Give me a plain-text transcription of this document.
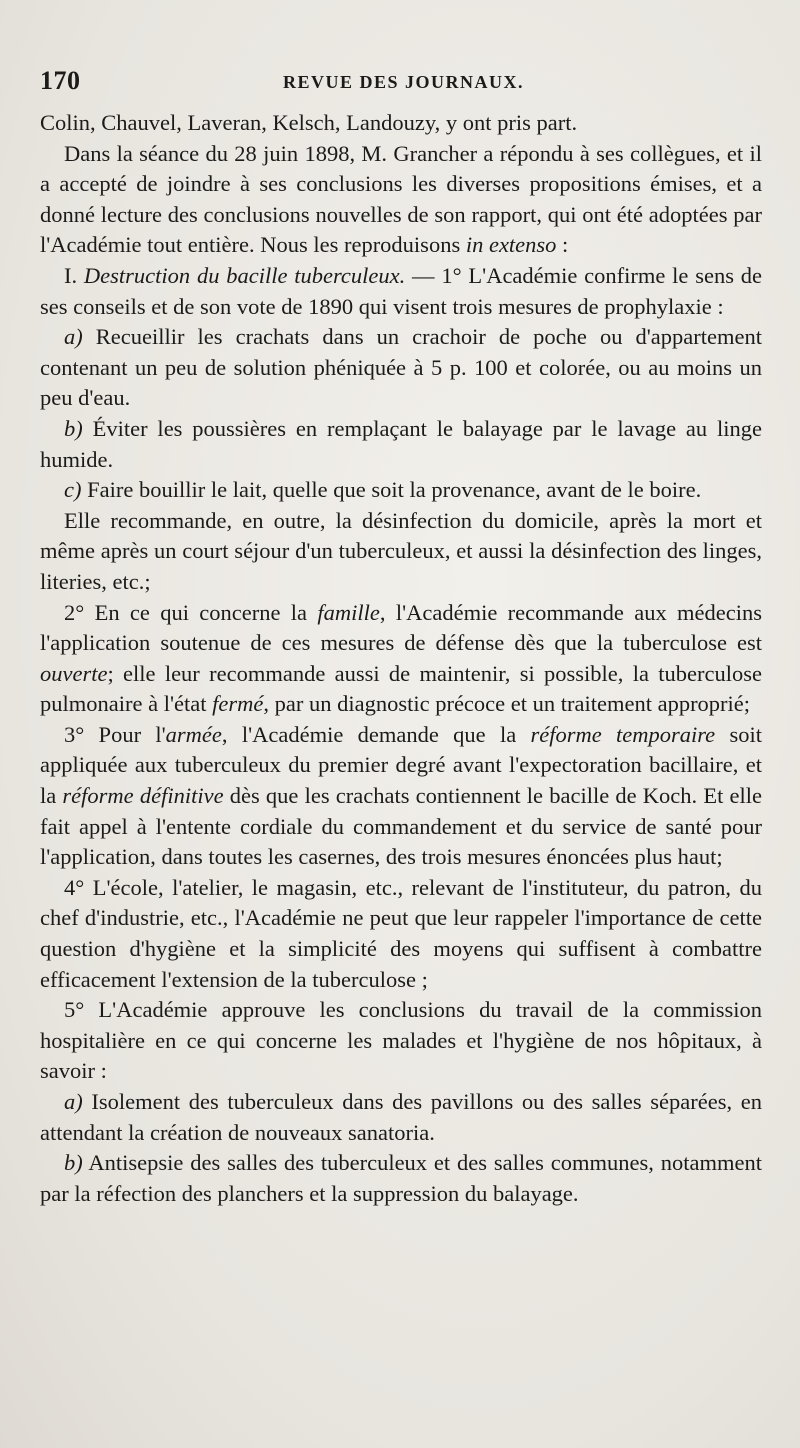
170	REVUE DES JOURNAUX.

Colin, Chauvel, Laveran, Kelsch, Landouzy, y ont pris part.

Dans la séance du 28 juin 1898, M. Grancher a répondu à ses collègues, et il a accepté de joindre à ses conclusions les diverses propositions émises, et a donné lecture des conclusions nouvelles de son rapport, qui ont été adoptées par l'Académie tout entière. Nous les reproduisons in extenso :

I. Destruction du bacille tuberculeux. — 1° L'Académie confirme le sens de ses conseils et de son vote de 1890 qui visent trois mesures de prophylaxie :

a) Recueillir les crachats dans un crachoir de poche ou d'appartement contenant un peu de solution phéniquée à 5 p. 100 et colorée, ou au moins un peu d'eau.

b) Éviter les poussières en remplaçant le balayage par le lavage au linge humide.

c) Faire bouillir le lait, quelle que soit la provenance, avant de le boire.

Elle recommande, en outre, la désinfection du domicile, après la mort et même après un court séjour d'un tuberculeux, et aussi la désinfection des linges, literies, etc.;

2° En ce qui concerne la famille, l'Académie recommande aux médecins l'application soutenue de ces mesures de défense dès que la tuberculose est ouverte; elle leur recommande aussi de maintenir, si possible, la tuberculose pulmonaire à l'état fermé, par un diagnostic précoce et un traitement approprié;

3° Pour l'armée, l'Académie demande que la réforme temporaire soit appliquée aux tuberculeux du premier degré avant l'expectoration bacillaire, et la réforme définitive dès que les crachats contiennent le bacille de Koch. Et elle fait appel à l'entente cordiale du commandement et du service de santé pour l'application, dans toutes les casernes, des trois mesures énoncées plus haut;

4° L'école, l'atelier, le magasin, etc., relevant de l'instituteur, du patron, du chef d'industrie, etc., l'Académie ne peut que leur rappeler l'importance de cette question d'hygiène et la simplicité des moyens qui suffisent à combattre efficacement l'extension de la tuberculose ;

5° L'Académie approuve les conclusions du travail de la commission hospitalière en ce qui concerne les malades et l'hygiène de nos hôpitaux, à savoir :

a) Isolement des tuberculeux dans des pavillons ou des salles séparées, en attendant la création de nouveaux sanatoria.

b) Antisepsie des salles des tuberculeux et des salles communes, notamment par la réfection des planchers et la suppression du balayage.
